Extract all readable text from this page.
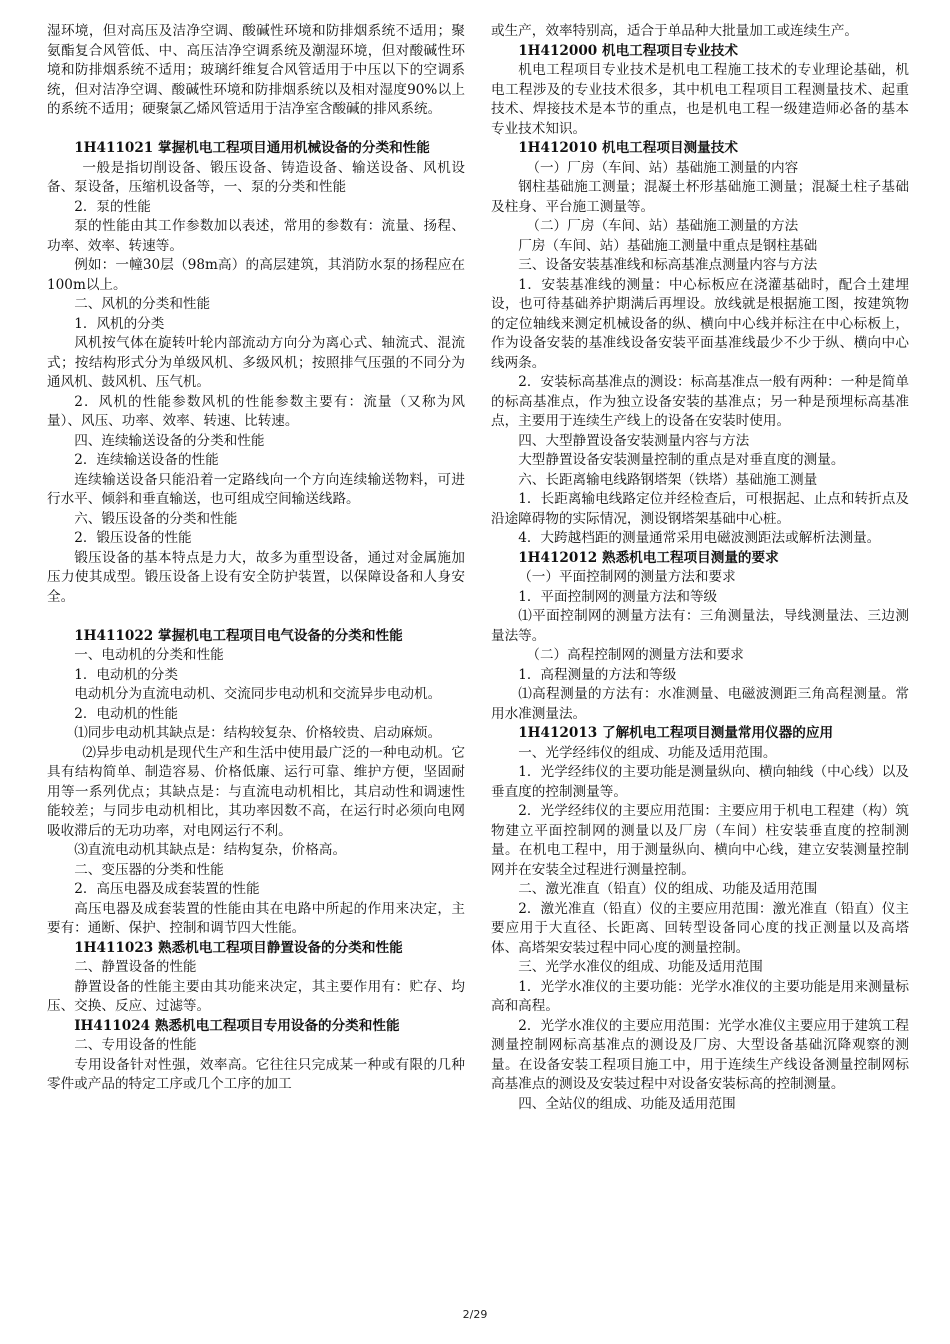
湿环境，但对高压及洁净空调、酸碱性环境和防排烟系统不适用；聚氨酯复合风管低、中、高压洁净空调系统及潮湿环境，但对酸碱性环境和防排烟系统不适用；玻璃纤维复合风管适用于中压以下的空调系统，但对洁净空调、酸碱性环境和防排烟系统以及相对湿度90%以上的系统不适用；硬聚氯乙烯风管适用于洁净室含酸碱的排风系统。

1H411021 掌握机电工程项目通用机械设备的分类和性能

一般是指切削设备、锻压设备、铸造设备、输送设备、风机设备、泵设备，压缩机设备等，一、泵的分类和性能

2．泵的性能

泵的性能由其工作参数加以表述，常用的参数有：流量、扬程、功率、效率、转速等。

例如：一幢30层（98m高）的高层建筑，其消防水泵的扬程应在100m以上。

二、风机的分类和性能

1．风机的分类

风机按气体在旋转叶轮内部流动方向分为离心式、轴流式、混流式；按结构形式分为单级风机、多级风机；按照排气压强的不同分为通风机、鼓风机、压气机。

2．风机的性能参数风机的性能参数主要有：流量（又称为风量）、风压、功率、效率、转速、比转速。

四、连续输送设备的分类和性能

2．连续输送设备的性能

连续输送设备只能沿着一定路线向一个方向连续输送物料，可进行水平、倾斜和垂直输送，也可组成空间输送线路。

六、锻压设备的分类和性能

2．锻压设备的性能

锻压设备的基本特点是力大，故多为重型设备，通过对金属施加压力使其成型。锻压设备上设有安全防护装置，以保障设备和人身安全。

1H411022 掌握机电工程项目电气设备的分类和性能

一、电动机的分类和性能

1．电动机的分类

电动机分为直流电动机、交流同步电动机和交流异步电动机。

2．电动机的性能

⑴同步电动机其缺点是：结构较复杂、价格较贵、启动麻烦。

⑵异步电动机是现代生产和生活中使用最广泛的一种电动机。它具有结构简单、制造容易、价格低廉、运行可靠、维护方便，坚固耐用等一系列优点；其缺点是：与直流电动机相比，其启动性和调速性能较差；与同步电动机相比，其功率因数不高，在运行时必须向电网吸收滞后的无功功率，对电网运行不利。

⑶直流电动机其缺点是：结构复杂，价格高。

二、变压器的分类和性能

2．高压电器及成套装置的性能

高压电器及成套装置的性能由其在电路中所起的作用来决定，主要有：通断、保护、控制和调节四大性能。

1H411023 熟悉机电工程项目静置设备的分类和性能

二、静置设备的性能

静置设备的性能主要由其功能来决定，其主要作用有：贮存、均压、交换、反应、过滤等。

IH411024 熟悉机电工程项目专用设备的分类和性能

二、专用设备的性能

专用设备针对性强，效率高。它往往只完成某一种或有限的几种零件或产品的特定工序或几个工序的加工

或生产，效率特别高，适合于单品种大批量加工或连续生产。

1H412000 机电工程项目专业技术

机电工程项目专业技术是机电工程施工技术的专业理论基础，机电工程涉及的专业技术很多，其中机电工程项目工程测量技术、起重技术、焊接技术是本节的重点，也是机电工程一级建造师必备的基本专业技术知识。

1H412010 机电工程项目测量技术

（一）厂房（车间、站）基础施工测量的内容

钢柱基础施工测量；混凝土杯形基础施工测量；混凝土柱子基础及柱身、平台施工测量等。

（二）厂房（车间、站）基础施工测量的方法

厂房（车间、站）基础施工测量中重点是钢柱基础

三、设备安装基准线和标高基准点测量内容与方法

1．安装基准线的测量：中心标板应在浇灌基础时，配合土建埋设，也可待基础养护期满后再埋设。放线就是根据施工图，按建筑物的定位轴线来测定机械设备的纵、横向中心线并标注在中心标板上，作为设备安装的基准线设备安装平面基准线最少不少于纵、横向中心线两条。

2．安装标高基准点的测设：标高基准点一般有两种：一种是简单的标高基准点，作为独立设备安装的基准点；另一种是预埋标高基准点，主要用于连续生产线上的设备在安装时使用。

四、大型静置设备安装测量内容与方法

大型静置设备安装测量控制的重点是对垂直度的测量。

六、长距离输电线路钢塔架（铁塔）基础施工测量

1．长距离输电线路定位并经检查后，可根据起、止点和转折点及沿途障碍物的实际情况，测设钢塔架基础中心桩。

4．大跨越档距的测量通常采用电磁波测距法或解析法测量。

1H412012 熟悉机电工程项目测量的要求

（一）平面控制网的测量方法和要求

1．平面控制网的测量方法和等级

⑴平面控制网的测量方法有：三角测量法，导线测量法、三边测量法等。

（二）高程控制网的测量方法和要求

1．高程测量的方法和等级

⑴高程测量的方法有：水准测量、电磁波测距三角高程测量。常用水准测量法。

1H412013 了解机电工程项目测量常用仪器的应用

一、光学经纬仪的组成、功能及适用范围。

1．光学经纬仪的主要功能是测量纵向、横向轴线（中心线）以及垂直度的控制测量等。

2．光学经纬仪的主要应用范围：主要应用于机电工程建（构）筑物建立平面控制网的测量以及厂房（车间）柱安装垂直度的控制测量。在机电工程中，用于测量纵向、横向中心线，建立安装测量控制网并在安装全过程进行测量控制。

二、激光准直（铅直）仪的组成、功能及适用范围

2．激光准直（铅直）仪的主要应用范围：激光准直（铅直）仪主要应用于大直径、长距离、回转型设备同心度的找正测量以及高塔体、高塔架安装过程中同心度的测量控制。

三、光学水准仪的组成、功能及适用范围

1．光学水准仪的主要功能：光学水准仪的主要功能是用来测量标高和高程。

2．光学水准仪的主要应用范围：光学水准仪主要应用于建筑工程测量控制网标高基准点的测设及厂房、大型设备基础沉降观察的测量。在设备安装工程项目施工中，用于连续生产线设备测量控制网标高基准点的测设及安装过程中对设备安装标高的控制测量。

四、全站仪的组成、功能及适用范围

2/29
